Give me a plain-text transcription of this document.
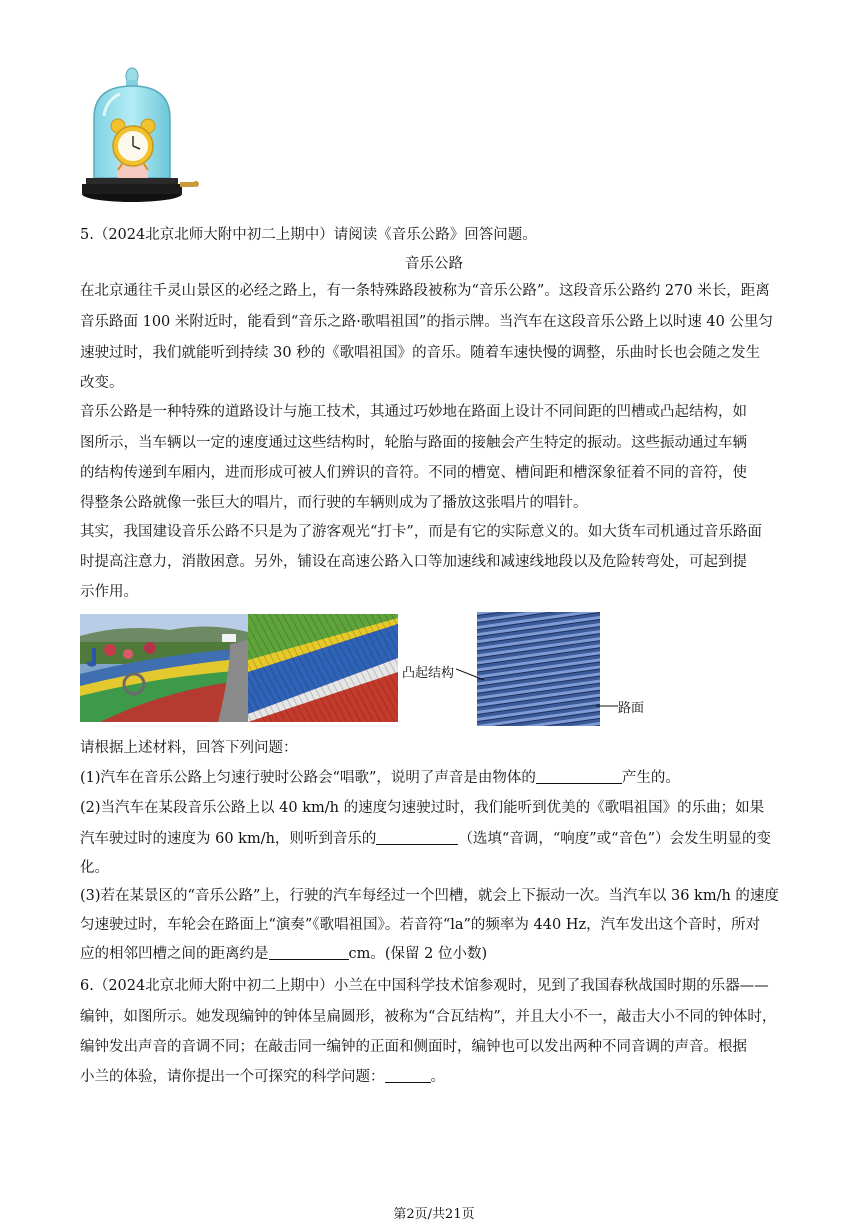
5.（2024北京北师大附中初二上期中）请阅读《音乐公路》回答问题。
音乐公路
在北京通往千灵山景区的必经之路上，有一条特殊路段被称为“音乐公路”。这段音乐公路约 270 米长，距离
音乐路面 100 米附近时，能看到“音乐之路·歌唱祖国”的指示牌。当汽车在这段音乐公路上以时速 40 公里匀
速驶过时，我们就能听到持续 30 秒的《歌唱祖国》的音乐。随着车速快慢的调整，乐曲时长也会随之发生
改变。
音乐公路是一种特殊的道路设计与施工技术，其通过巧妙地在路面上设计不同间距的凹槽或凸起结构，如
图所示，当车辆以一定的速度通过这些结构时，轮胎与路面的接触会产生特定的振动。这些振动通过车辆
的结构传递到车厢内，进而形成可被人们辨识的音符。不同的槽宽、槽间距和槽深象征着不同的音符，使
得整条公路就像一张巨大的唱片，而行驶的车辆则成为了播放这张唱片的唱针。
其实，我国建设音乐公路不只是为了游客观光“打卡”，而是有它的实际意义的。如大货车司机通过音乐路面
时提高注意力，消散困意。另外，铺设在高速公路入口等加速线和减速线地段以及危险转弯处，可起到提
示作用。
凸起结构
路面
请根据上述材料，回答下列问题：
(1)汽车在音乐公路上匀速行驶时公路会“唱歌”，说明了声音是由物体的	产生的。
(2)当汽车在某段音乐公路上以 40 km/h 的速度匀速驶过时，我们能听到优美的《歌唱祖国》的乐曲；如果
汽车驶过时的速度为 60 km/h，则听到音乐的	（选填“音调，“响度”或“音色”）会发生明显的变
化。
(3)若在某景区的“音乐公路”上，行驶的汽车每经过一个凹槽，就会上下振动一次。当汽车以 36 km/h 的速度
匀速驶过时，车轮会在路面上“演奏”《歌唱祖国》。若音符“la”的频率为 440 Hz，汽车发出这个音时，所对
应的相邻凹槽之间的距离约是	cm。(保留 2 位小数)
6.（2024北京北师大附中初二上期中）小兰在中国科学技术馆参观时，见到了我国春秋战国时期的乐器——
编钟，如图所示。她发现编钟的钟体呈扁圆形，被称为“合瓦结构”，并且大小不一，敲击大小不同的钟体时，
编钟发出声音的音调不同；在敲击同一编钟的正面和侧面时，编钟也可以发出两种不同音调的声音。根据
小兰的体验，请你提出一个可探究的科学问题：	。
第2页/共21页
